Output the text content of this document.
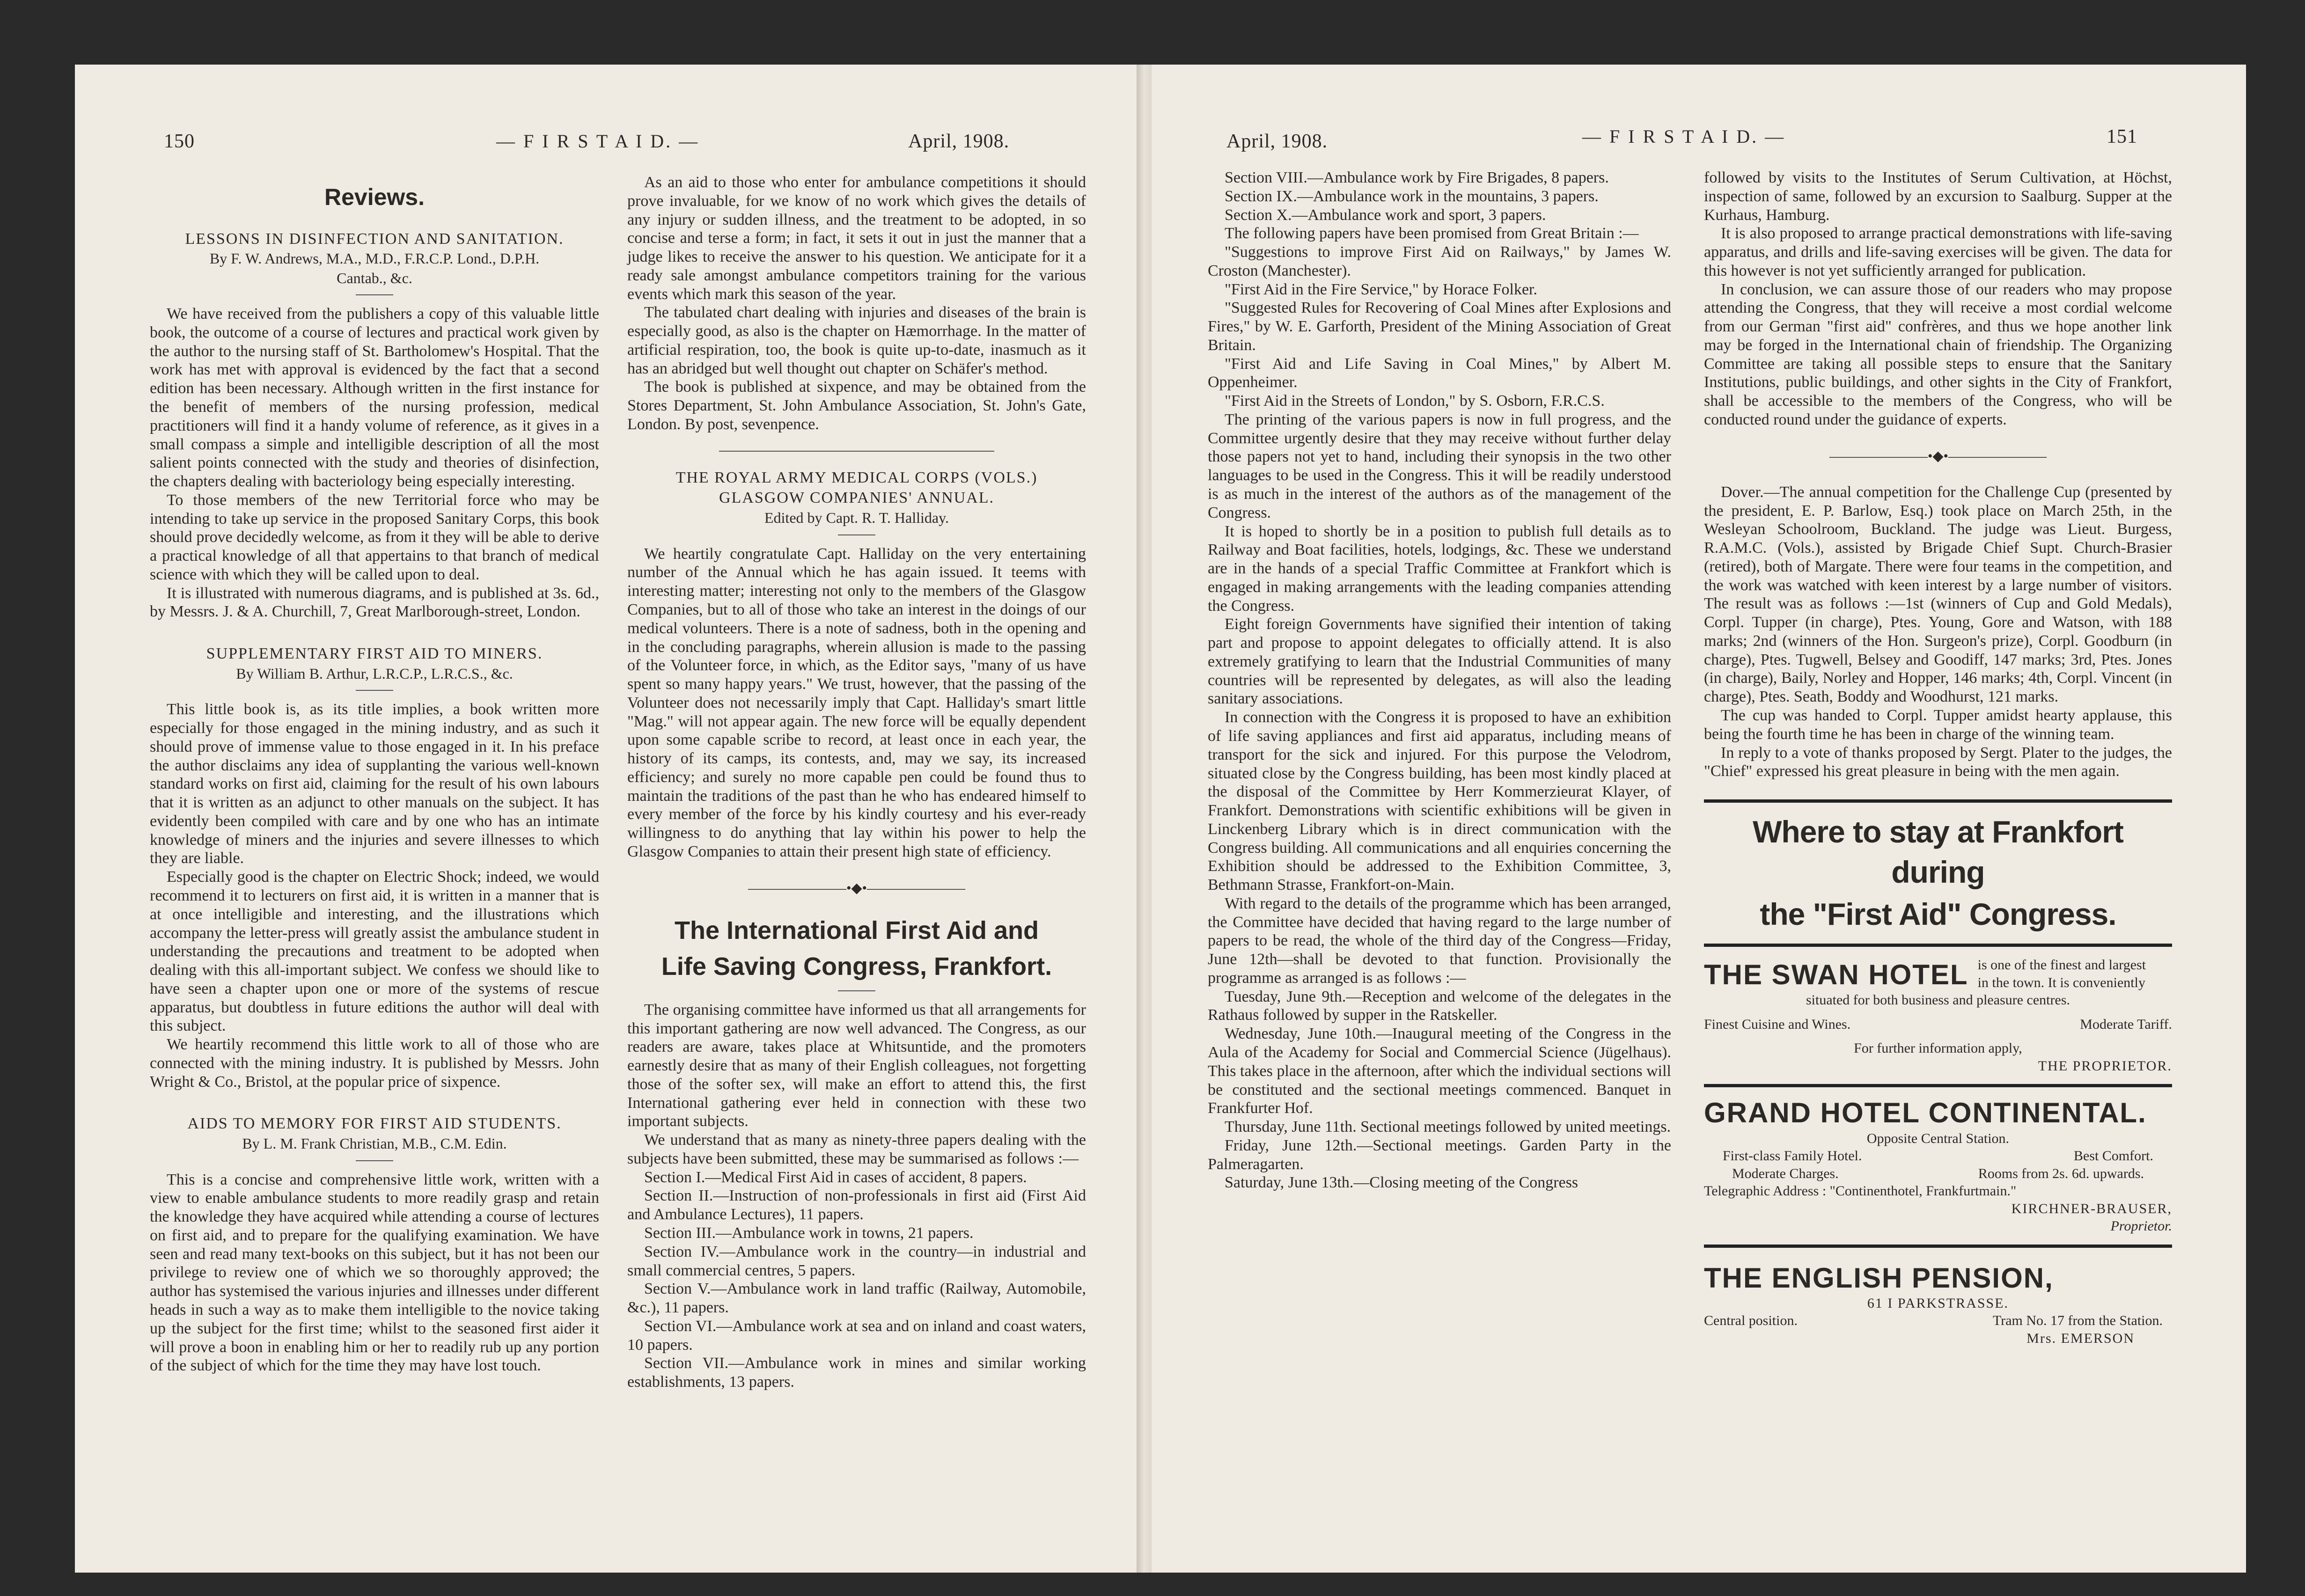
150	— F I R S T A I D. —	April, 1908.
Reviews.
LESSONS IN DISINFECTION AND SANITATION.
By F. W. Andrews, M.A., M.D., F.R.C.P. Lond., D.P.H.
Cantab., &c.

We have received from the publishers a copy of this valuable little book, the outcome of a course of lectures and practical work given by the author to the nursing staff of St. Bartholomew's Hospital. That the work has met with approval is evidenced by the fact that a second edition has been necessary. Although written in the first instance for the benefit of members of the nursing profession, medical practitioners will find it a handy volume of reference, as it gives in a small compass a simple and intelligible description of all the most salient points connected with the study and theories of disinfection, the chapters dealing with bacteriology being especially interesting.

To those members of the new Territorial force who may be intending to take up service in the proposed Sanitary Corps, this book should prove decidedly welcome, as from it they will be able to derive a practical knowledge of all that appertains to that branch of medical science with which they will be called upon to deal.

It is illustrated with numerous diagrams, and is published at 3s. 6d., by Messrs. J. & A. Churchill, 7, Great Marlborough-street, London.

SUPPLEMENTARY FIRST AID TO MINERS.
By William B. Arthur, L.R.C.P., L.R.C.S., &c.

This little book is, as its title implies, a book written more especially for those engaged in the mining industry, and as such it should prove of immense value to those engaged in it. In his preface the author disclaims any idea of supplanting the various well-known standard works on first aid, claiming for the result of his own labours that it is written as an adjunct to other manuals on the subject. It has evidently been compiled with care and by one who has an intimate knowledge of miners and the injuries and severe illnesses to which they are liable.

Especially good is the chapter on Electric Shock; indeed, we would recommend it to lecturers on first aid, it is written in a manner that is at once intelligible and interesting, and the illustrations which accompany the letter-press will greatly assist the ambulance student in understanding the precautions and treatment to be adopted when dealing with this all-important subject. We confess we should like to have seen a chapter upon one or more of the systems of rescue apparatus, but doubtless in future editions the author will deal with this subject.

We heartily recommend this little work to all of those who are connected with the mining industry. It is published by Messrs. John Wright & Co., Bristol, at the popular price of sixpence.

AIDS TO MEMORY FOR FIRST AID STUDENTS.
By L. M. Frank Christian, M.B., C.M. Edin.

This is a concise and comprehensive little work, written with a view to enable ambulance students to more readily grasp and retain the knowledge they have acquired while attending a course of lectures on first aid, and to prepare for the qualifying examination. We have seen and read many text-books on this subject, but it has not been our privilege to review one of which we so thoroughly approved; the author has systemised the various injuries and illnesses under different heads in such a way as to make them intelligible to the novice taking up the subject for the first time; whilst to the seasoned first aider it will prove a boon in enabling him or her to readily rub up any portion of the subject of which for the time they may have lost touch.

As an aid to those who enter for ambulance competitions it should prove invaluable, for we know of no work which gives the details of any injury or sudden illness, and the treatment to be adopted, in so concise and terse a form; in fact, it sets it out in just the manner that a judge likes to receive the answer to his question. We anticipate for it a ready sale amongst ambulance competitors training for the various events which mark this season of the year.

The tabulated chart dealing with injuries and diseases of the brain is especially good, as also is the chapter on Hæmorrhage. In the matter of artificial respiration, too, the book is quite up-to-date, inasmuch as it has an abridged but well thought out chapter on Schäfer's method.

The book is published at sixpence, and may be obtained from the Stores Department, St. John Ambulance Association, St. John's Gate, London. By post, sevenpence.

THE ROYAL ARMY MEDICAL CORPS (VOLS.)
GLASGOW COMPANIES' ANNUAL.
Edited by Capt. R. T. Halliday.

We heartily congratulate Capt. Halliday on the very entertaining number of the Annual which he has again issued. It teems with interesting matter; interesting not only to the members of the Glasgow Companies, but to all of those who take an interest in the doings of our medical volunteers. There is a note of sadness, both in the opening and in the concluding paragraphs, wherein allusion is made to the passing of the Volunteer force, in which, as the Editor says, "many of us have spent so many happy years." We trust, however, that the passing of the Volunteer does not necessarily imply that Capt. Halliday's smart little "Mag." will not appear again. The new force will be equally dependent upon some capable scribe to record, at least once in each year, the history of its camps, its contests, and, may we say, its increased efficiency; and surely no more capable pen could be found thus to maintain the traditions of the past than he who has endeared himself to every member of the force by his kindly courtesy and his ever-ready willingness to do anything that lay within his power to help the Glasgow Companies to attain their present high state of efficiency.

———————•◆•———————
The International First Aid and
Life Saving Congress, Frankfort.

The organising committee have informed us that all arrangements for this important gathering are now well advanced. The Congress, as our readers are aware, takes place at Whitsuntide, and the promoters earnestly desire that as many of their English colleagues, not forgetting those of the softer sex, will make an effort to attend this, the first International gathering ever held in connection with these two important subjects.

We understand that as many as ninety-three papers dealing with the subjects have been submitted, these may be summarised as follows :—

Section I.—Medical First Aid in cases of accident, 8 papers.

Section II.—Instruction of non-professionals in first aid (First Aid and Ambulance Lectures), 11 papers.

Section III.—Ambulance work in towns, 21 papers.

Section IV.—Ambulance work in the country—in industrial and small commercial centres, 5 papers.

Section V.—Ambulance work in land traffic (Railway, Automobile, &c.), 11 papers.

Section VI.—Ambulance work at sea and on inland and coast waters, 10 papers.

Section VII.—Ambulance work in mines and similar working establishments, 13 papers.

April, 1908.	— F I R S T A I D. —	151

Section VIII.—Ambulance work by Fire Brigades, 8 papers.

Section IX.—Ambulance work in the mountains, 3 papers.

Section X.—Ambulance work and sport, 3 papers.

The following papers have been promised from Great Britain :—

"Suggestions to improve First Aid on Railways," by James W. Croston (Manchester).

"First Aid in the Fire Service," by Horace Folker.

"Suggested Rules for Recovering of Coal Mines after Explosions and Fires," by W. E. Garforth, President of the Mining Association of Great Britain.

"First Aid and Life Saving in Coal Mines," by Albert M. Oppenheimer.

"First Aid in the Streets of London," by S. Osborn, F.R.C.S.

The printing of the various papers is now in full progress, and the Committee urgently desire that they may receive without further delay those papers not yet to hand, including their synopsis in the two other languages to be used in the Congress. This it will be readily understood is as much in the interest of the authors as of the management of the Congress.

It is hoped to shortly be in a position to publish full details as to Railway and Boat facilities, hotels, lodgings, &c. These we understand are in the hands of a special Traffic Committee at Frankfort which is engaged in making arrangements with the leading companies attending the Congress.

Eight foreign Governments have signified their intention of taking part and propose to appoint delegates to officially attend. It is also extremely gratifying to learn that the Industrial Communities of many countries will be represented by delegates, as will also the leading sanitary associations.

In connection with the Congress it is proposed to have an exhibition of life saving appliances and first aid apparatus, including means of transport for the sick and injured. For this purpose the Velodrom, situated close by the Congress building, has been most kindly placed at the disposal of the Committee by Herr Kommerzieurat Klayer, of Frankfort. Demonstrations with scientific exhibitions will be given in Linckenberg Library which is in direct communication with the Congress building. All communications and all enquiries concerning the Exhibition should be addressed to the Exhibition Committee, 3, Bethmann Strasse, Frankfort-on-Main.

With regard to the details of the programme which has been arranged, the Committee have decided that having regard to the large number of papers to be read, the whole of the third day of the Congress—Friday, June 12th—shall be devoted to that function. Provisionally the programme as arranged is as follows :—

Tuesday, June 9th.—Reception and welcome of the delegates in the Rathaus followed by supper in the Ratskeller.

Wednesday, June 10th.—Inaugural meeting of the Congress in the Aula of the Academy for Social and Commercial Science (Jügelhaus). This takes place in the afternoon, after which the individual sections will be constituted and the sectional meetings commenced. Banquet in Frankfurter Hof.

Thursday, June 11th. Sectional meetings followed by united meetings.

Friday, June 12th.—Sectional meetings. Garden Party in the Palmeragarten.

Saturday, June 13th.—Closing meeting of the Congress

followed by visits to the Institutes of Serum Cultivation, at Höchst, inspection of same, followed by an excursion to Saalburg. Supper at the Kurhaus, Hamburg.

It is also proposed to arrange practical demonstrations with life-saving apparatus, and drills and life-saving exercises will be given. The data for this however is not yet sufficiently arranged for publication.

In conclusion, we can assure those of our readers who may propose attending the Congress, that they will receive a most cordial welcome from our German "first aid" confrères, and thus we hope another link may be forged in the International chain of friendship. The Organizing Committee are taking all possible steps to ensure that the Sanitary Institutions, public buildings, and other sights in the City of Frankfort, shall be accessible to the members of the Congress, who will be conducted round under the guidance of experts.

———————•◆•———————

Dover.—The annual competition for the Challenge Cup (presented by the president, E. P. Barlow, Esq.) took place on March 25th, in the Wesleyan Schoolroom, Buckland. The judge was Lieut. Burgess, R.A.M.C. (Vols.), assisted by Brigade Chief Supt. Church-Brasier (retired), both of Margate. There were four teams in the competition, and the work was watched with keen interest by a large number of visitors. The result was as follows :—1st (winners of Cup and Gold Medals), Corpl. Tupper (in charge), Ptes. Young, Gore and Watson, with 188 marks; 2nd (winners of the Hon. Surgeon's prize), Corpl. Goodburn (in charge), Ptes. Tugwell, Belsey and Goodiff, 147 marks; 3rd, Ptes. Jones (in charge), Baily, Norley and Hopper, 146 marks; 4th, Corpl. Vincent (in charge), Ptes. Seath, Boddy and Woodhurst, 121 marks.

The cup was handed to Corpl. Tupper amidst hearty applause, this being the fourth time he has been in charge of the winning team.

In reply to a vote of thanks proposed by Sergt. Plater to the judges, the "Chief" expressed his great pleasure in being with the men again.

Where to stay at Frankfort during
the "First Aid" Congress.
THE SWAN HOTEL is one of the finest and largest
in the town. It is conveniently
situated for both business and pleasure centres.
Finest Cuisine and Wines.	Moderate Tariff.
For further information apply,
THE PROPRIETOR.
GRAND HOTEL CONTINENTAL.
Opposite Central Station.
First-class Family Hotel.	Best Comfort.
Moderate Charges.	Rooms from 2s. 6d. upwards.
Telegraphic Address : "Continenthotel, Frankfurtmain."
KIRCHNER-BRAUSER,
Proprietor.
THE ENGLISH PENSION,
61 I PARKSTRASSE.
Central position.	Tram No. 17 from the Station.
Mrs. EMERSON
